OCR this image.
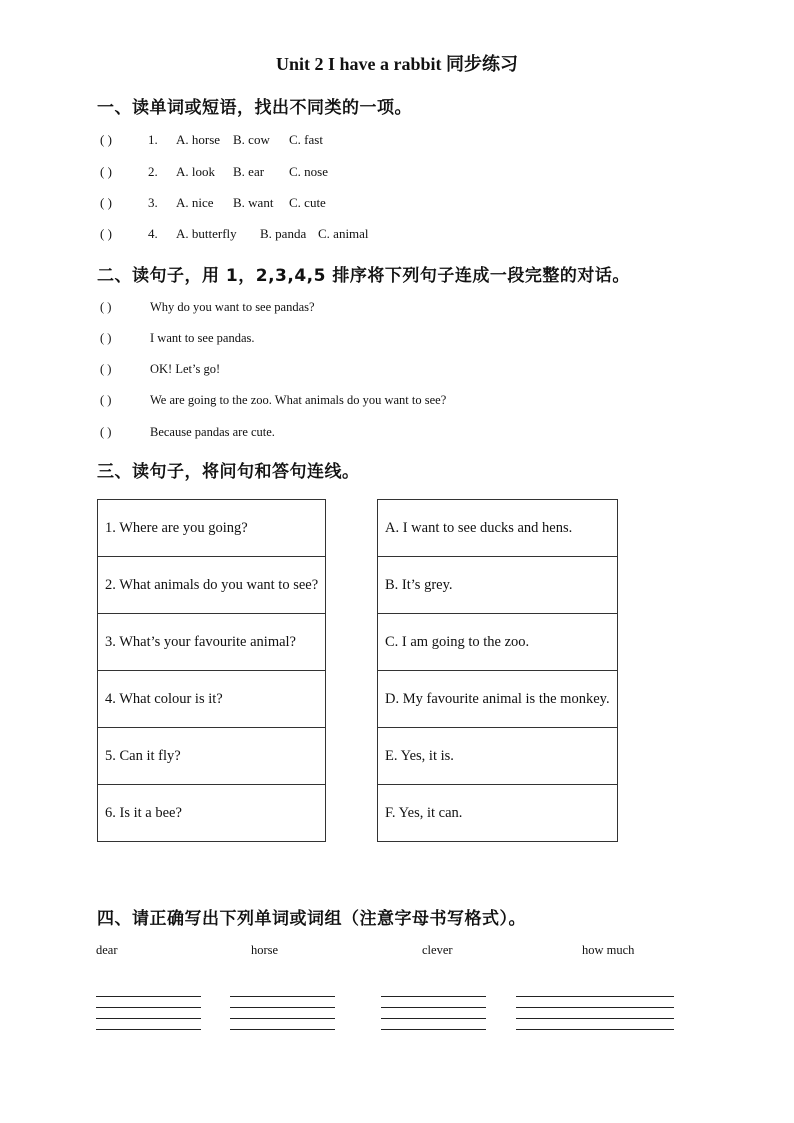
Unit 2 I have a rabbit 同步练习
一、读单词或短语，找出不同类的一项。
( )	1. A. horse B. cow C. fast
( )	2. A. look B. ear C. nose
( )	3. A. nice B. want C. cute
( )	4. A. butterfly B. panda C. animal
二、读句子，用 1，2,3,4,5 排序将下列句子连成一段完整的对话。
( )	Why do you want to see pandas?
( )	I want to see pandas.
( )	OK! Let’s go!
( )	We are going to the zoo. What animals do you want to see?
( )	Because pandas are cute.
三、读句子，将问句和答句连线。
1. Where are you going?
2. What animals do you want to see?
3. What’s your favourite animal?
4. What colour is it?
5. Can it fly?
6. Is it a bee?
A. I want to see ducks and hens.
B. It’s grey.
C. I am going to the zoo.
D. My favourite animal is the monkey.
E. Yes, it is.
F. Yes, it can.
四、请正确写出下列单词或词组（注意字母书写格式）。
dear	horse	clever	how much
